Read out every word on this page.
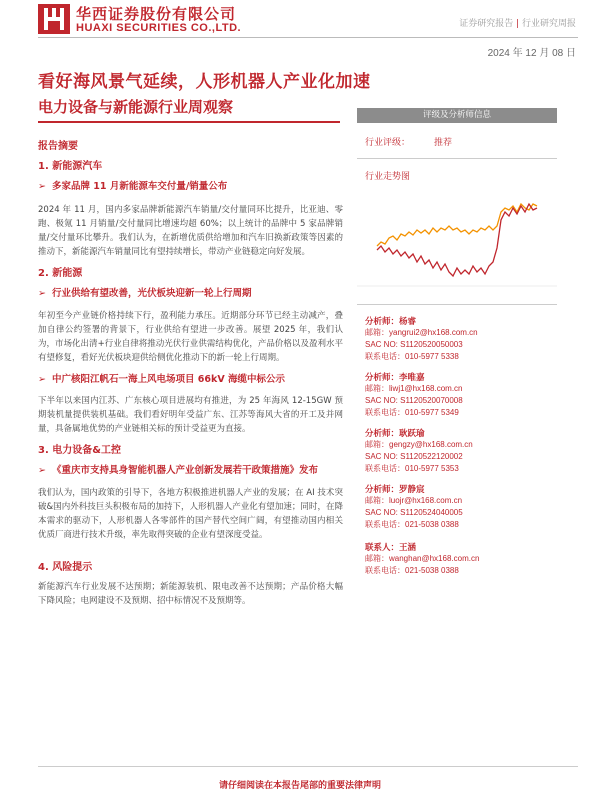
华西证券股份有限公司
HUAXI SECURITIES CO.,LTD.	证券研究报告 | 行业研究周报
2024 年 12 月 08 日
看好海风景气延续，人形机器人产业化加速
电力设备与新能源行业周观察
报告摘要
1. 新能源汽车
➢ 多家品牌 11 月新能源车交付量/销量公布
2024 年 11 月，国内多家品牌新能源汽车销量/交付量同环比提升，比亚迪、零跑、极氪 11 月销量/交付量同比增速均超 60%；以上统计的品牌中 5 家品牌销量/交付量环比攀升。我们认为，在新增优质供给增加和汽车旧换新政策等因素的推动下，新能源汽车销量同比有望持续增长，带动产业链稳定向好发展。
2. 新能源
➢ 行业供给有望改善，光伏板块迎新一轮上行周期
年初至今产业链价格持续下行，盈利能力承压。近期部分环节已经主动减产，叠加自律公约签署的背景下，行业供给有望进一步改善。展望 2025 年，我们认为，市场化出清+行业自律将推动光伏行业供需结构优化，产品价格以及盈利水平有望修复，看好光伏板块迎供给侧优化推动下的新一轮上行周期。
➢ 中广核阳江帆石一海上风电场项目 66kV 海缆中标公示
下半年以来国内江苏、广东核心项目进展均有推进，为 25 年海风 12-15GW 预期装机量提供装机基础。我们看好明年受益广东、江苏等海风大省的开工及并网量，具备属地优势的产业链相关标的预计受益更为直接。
3. 电力设备&工控
➢ 《重庆市支持具身智能机器人产业创新发展若干政策措施》发布
我们认为，国内政策的引导下，各地方积极推进机器人产业的发展；在 AI 技术突破&国内外科技巨头积极布局的加持下，人形机器人产业化有望加速；同时，在降本需求的驱动下，人形机器人各零部件的国产替代空间广阔，有望推动国内相关优质厂商进行技术升级，率先取得突破的企业有望深度受益。
4. 风险提示
新能源汽车行业发展不达预期；新能源装机、限电改善不达预期；产品价格大幅下降风险；电网建设不及预期、招中标情况不及预期等。
评级及分析师信息
行业评级：	推荐
行业走势图
分析师：杨睿
邮箱：yangrui2@hx168.com.cn
SAC NO: S1120520050003
联系电话：010-5977 5338
分析师：李唯嘉
邮箱：liwj1@hx168.com.cn
SAC NO: S1120520070008
联系电话：010-5977 5349
分析师：耿跃瑜
邮箱：gengzy@hx168.com.cn
SAC NO: S1120522120002
联系电话：010-5977 5353
分析师：罗静宸
邮箱：luojr@hx168.com.cn
SAC NO: S1120524040005
联系电话：021-5038 0388
联系人：王涵
邮箱：wanghan@hx168.com.cn
联系电话：021-5038 0388
请仔细阅读在本报告尾部的重要法律声明
